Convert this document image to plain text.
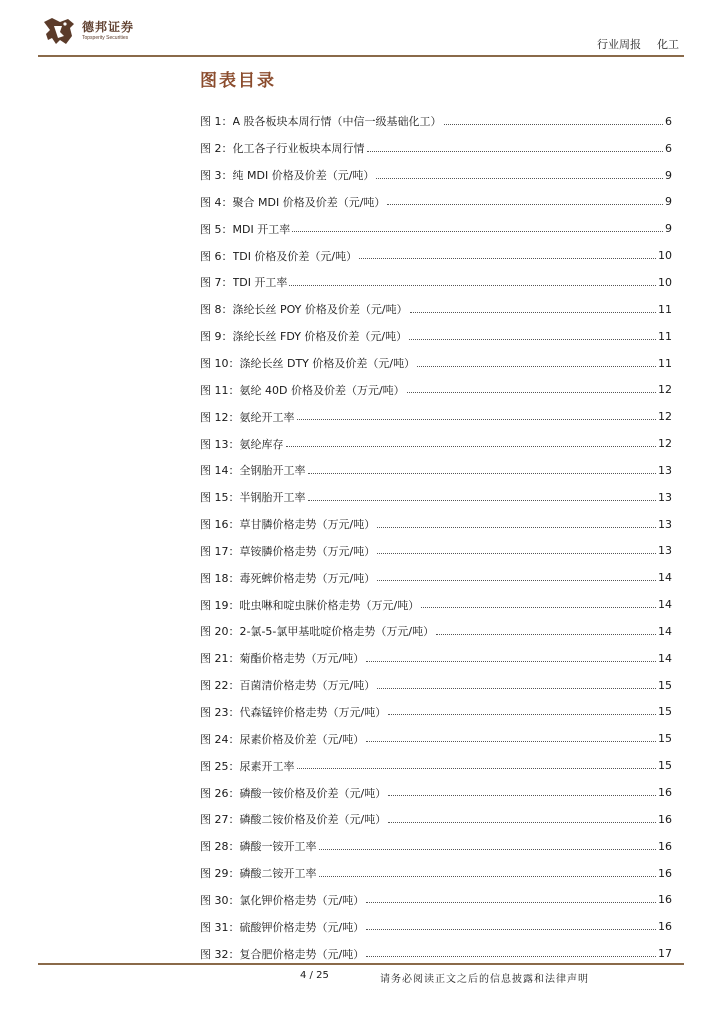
德邦证券
Topsperity Securities	行业周报 化工
图表目录
图 1： A 股各板块本周行情（中信一级基础化工）	6
图 2： 化工各子行业板块本周行情	6
图 3： 纯 MDI 价格及价差（元/吨）	9
图 4： 聚合 MDI 价格及价差（元/吨）	9
图 5： MDI 开工率	9
图 6： TDI 价格及价差（元/吨）	10
图 7： TDI 开工率	10
图 8： 涤纶长丝 POY 价格及价差（元/吨）	11
图 9： 涤纶长丝 FDY 价格及价差（元/吨）	11
图 10： 涤纶长丝 DTY 价格及价差（元/吨）	11
图 11： 氨纶 40D 价格及价差（万元/吨）	12
图 12： 氨纶开工率	12
图 13： 氨纶库存	12
图 14： 全钢胎开工率	13
图 15： 半钢胎开工率	13
图 16： 草甘膦价格走势（万元/吨）	13
图 17： 草铵膦价格走势（万元/吨）	13
图 18： 毒死蜱价格走势（万元/吨）	14
图 19： 吡虫啉和啶虫脒价格走势（万元/吨）	14
图 20： 2-氯-5-氯甲基吡啶价格走势（万元/吨）	14
图 21： 菊酯价格走势（万元/吨）	14
图 22： 百菌清价格走势（万元/吨）	15
图 23： 代森锰锌价格走势（万元/吨）	15
图 24： 尿素价格及价差（元/吨）	15
图 25： 尿素开工率	15
图 26： 磷酸一铵价格及价差（元/吨）	16
图 27： 磷酸二铵价格及价差（元/吨）	16
图 28： 磷酸一铵开工率	16
图 29： 磷酸二铵开工率	16
图 30： 氯化钾价格走势（元/吨）	16
图 31： 硫酸钾价格走势（元/吨）	16
图 32： 复合肥价格走势（元/吨）	17
4 / 25	请务必阅读正文之后的信息披露和法律声明
